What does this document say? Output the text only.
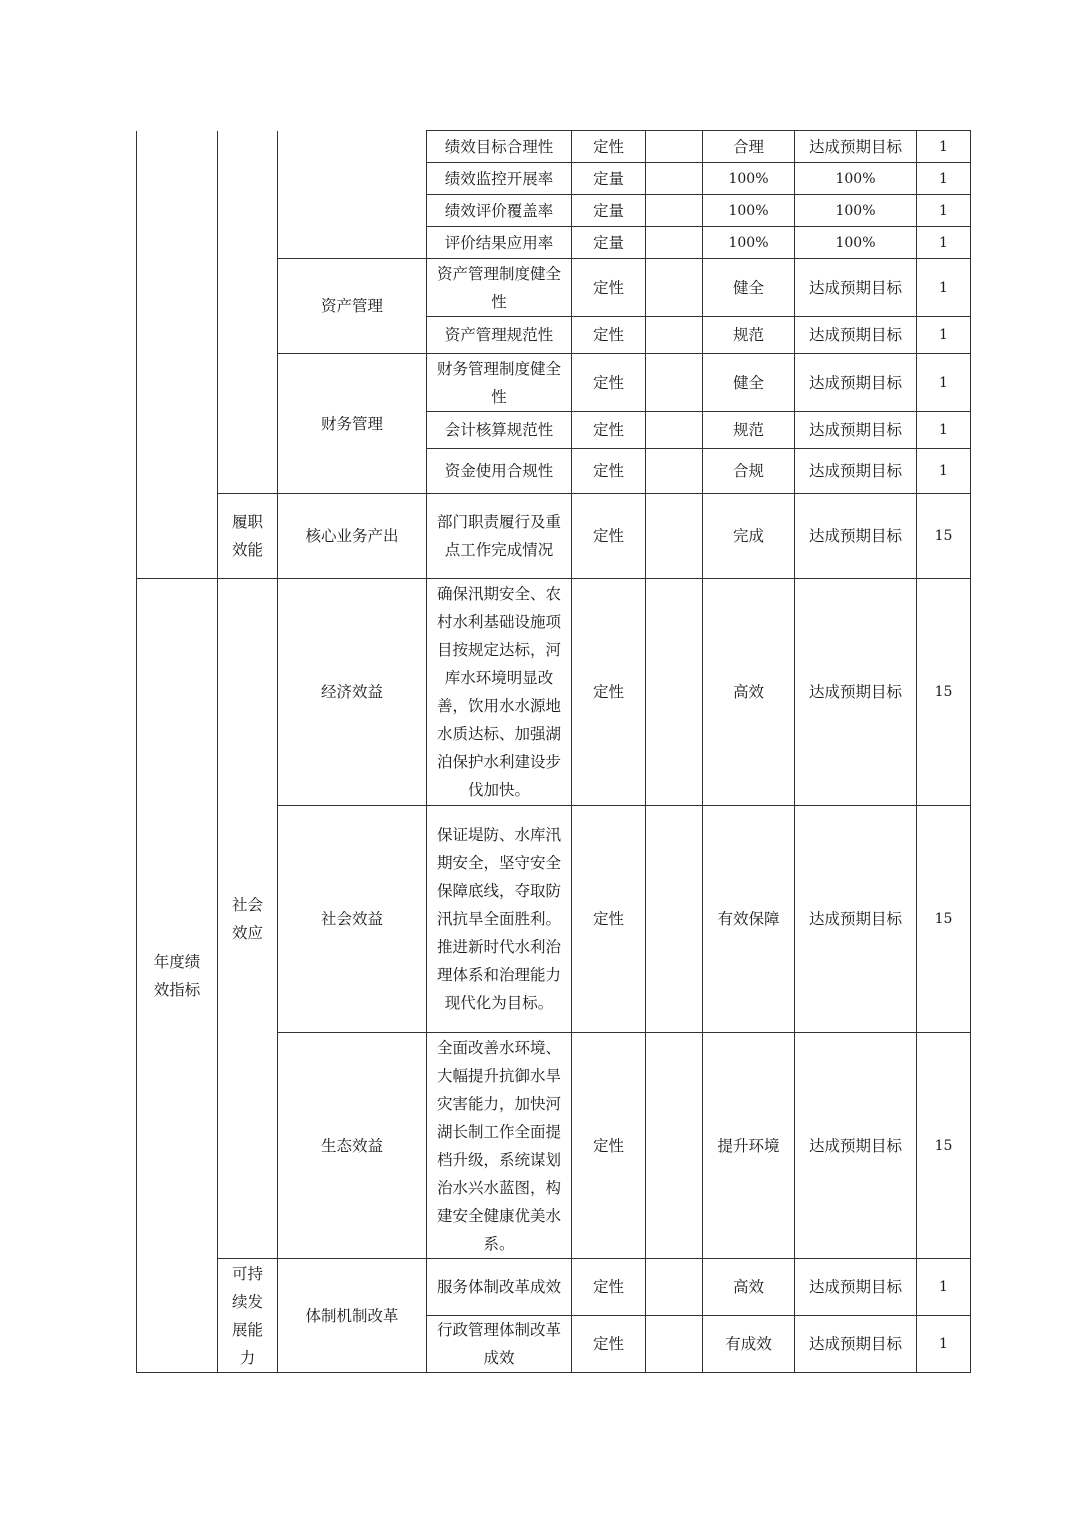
			绩效目标合理性	定性		合理	达成预期目标	1
			绩效监控开展率	定量		100%	100%	1
			绩效评价覆盖率	定量		100%	100%	1
			评价结果应用率	定量		100%	100%	1
		资产管理	资产管理制度健全性	定性		健全	达成预期目标	1
			资产管理规范性	定性		规范	达成预期目标	1
		财务管理	财务管理制度健全性	定性		健全	达成预期目标	1
			会计核算规范性	定性		规范	达成预期目标	1
			资金使用合规性	定性		合规	达成预期目标	1
	履职效能	核心业务产出	部门职责履行及重点工作完成情况	定性		完成	达成预期目标	15
年度绩效指标	社会效应	经济效益	确保汛期安全、农村水利基础设施项目按规定达标，河库水环境明显改善，饮用水水源地水质达标、加强湖泊保护水利建设步伐加快。	定性		高效	达成预期目标	15
		社会效益	保证堤防、水库汛期安全，坚守安全保障底线，夺取防汛抗旱全面胜利。推进新时代水利治理体系和治理能力现代化为目标。	定性		有效保障	达成预期目标	15
		生态效益	全面改善水环境、大幅提升抗御水旱灾害能力，加快河湖长制工作全面提档升级，系统谋划治水兴水蓝图，构建安全健康优美水系。	定性		提升环境	达成预期目标	15
	可持续发展能力	体制机制改革	服务体制改革成效	定性		高效	达成预期目标	1
			行政管理体制改革成效	定性		有成效	达成预期目标	1
